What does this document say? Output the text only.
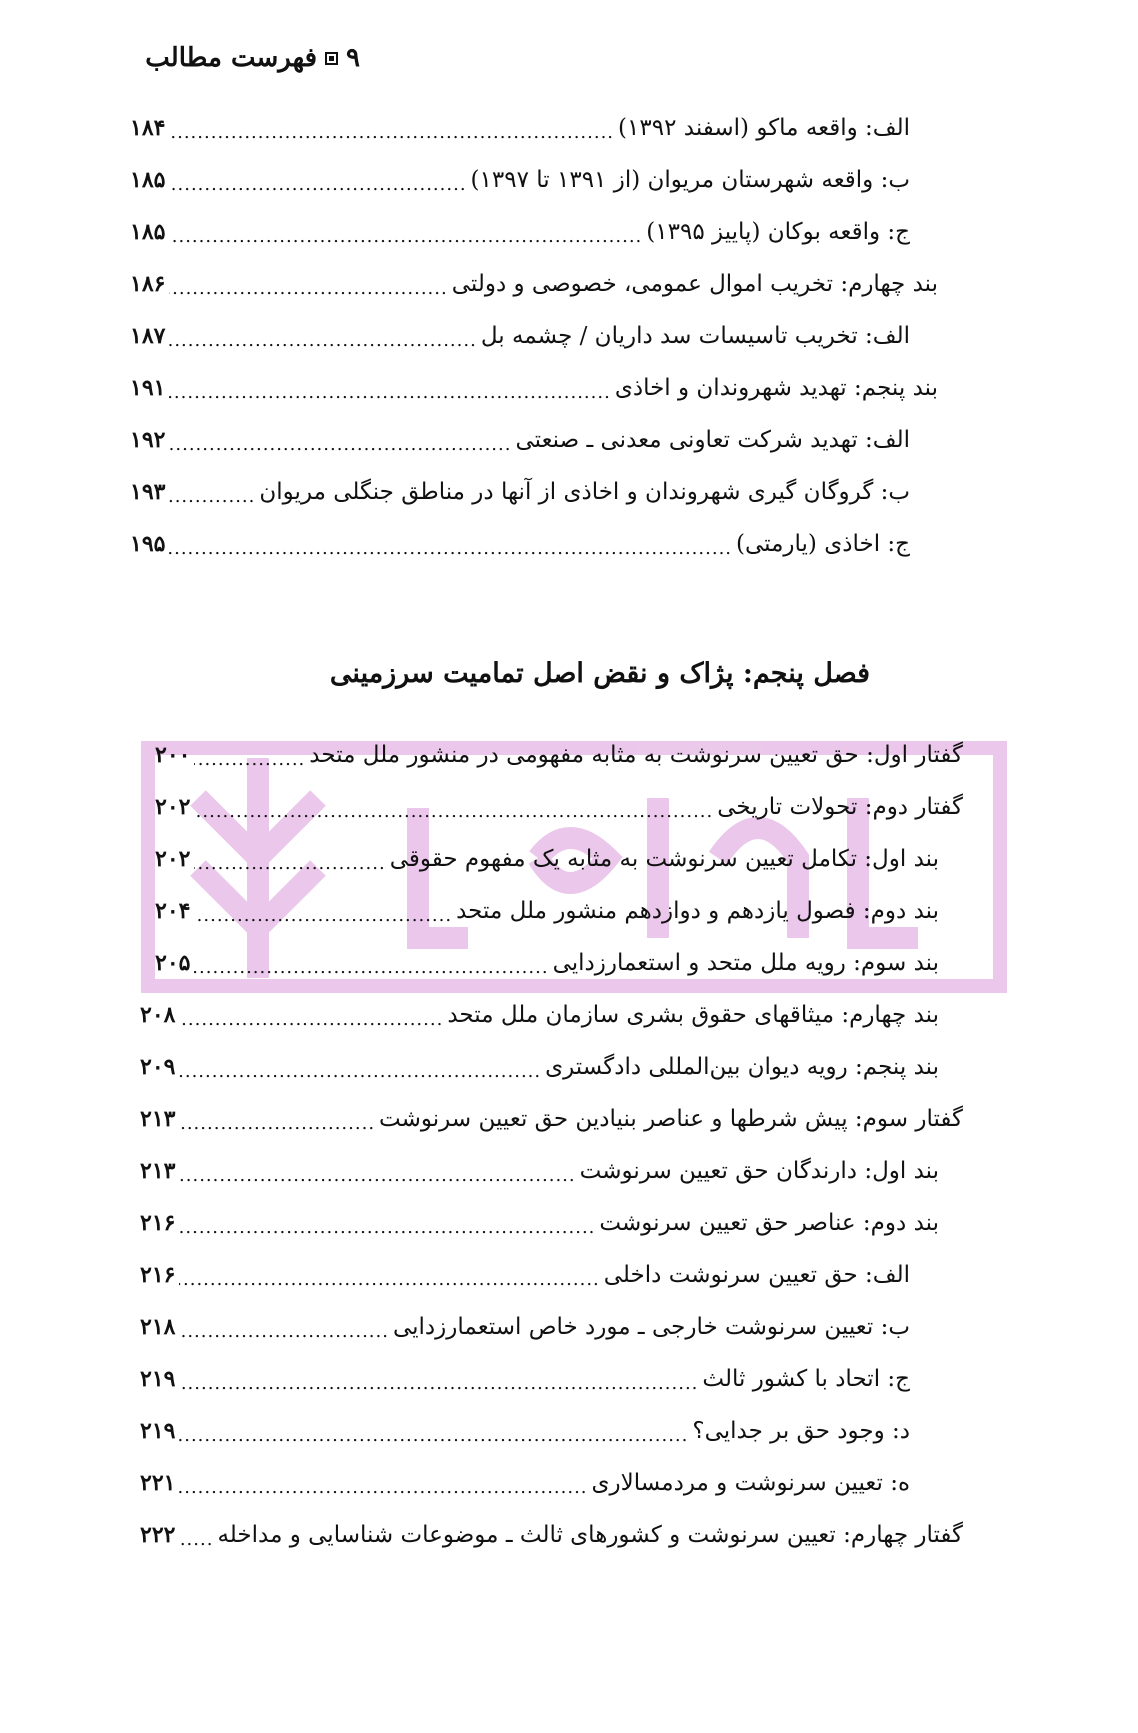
۹
فهرست مطالب
الف: واقعه ماکو (اسفند ۱۳۹۲)
.....
۱۸۴
ب: واقعه شهرستان مریوان (از ۱۳۹۱ تا ۱۳۹۷)
.....
۱۸۵
ج: واقعه بوکان (پاییز ۱۳۹۵)
.....
۱۸۵
بند چهارم: تخریب اموال عمومی، خصوصی و دولتی
.....
۱۸۶
الف: تخریب تاسیسات سد داریان / چشمه بل
.....
۱۸۷
بند پنجم: تهدید شهروندان و اخاذی
.....
۱۹۱
الف: تهدید شرکت تعاونی معدنی ـ صنعتی
.....
۱۹۲
ب: گروگان گیری شهروندان و اخاذی از آنها در مناطق جنگلی مریوان
.....
۱۹۳
ج: اخاذی (یارمتی)
.....
۱۹۵
فصل پنجم: پژاک و نقض اصل تمامیت سرزمینی
گفتار اول: حق تعیین سرنوشت به مثابه مفهومی در منشور ملل متحد
.....
۲۰۰
گفتار دوم: تحولات تاریخی
.....
۲۰۲
بند اول: تکامل تعیین سرنوشت به مثابه یک مفهوم حقوقی
.....
۲۰۲
بند دوم: فصول یازدهم و دوازدهم منشور ملل متحد
.....
۲۰۴
بند سوم: رویه ملل متحد و استعمارزدایی
.....
۲۰۵
بند چهارم: میثاقهای حقوق بشری سازمان ملل متحد
.....
۲۰۸
بند پنجم: رویه دیوان بین‌المللی دادگستری
.....
۲۰۹
گفتار سوم: پیش شرطها و عناصر بنیادین حق تعیین سرنوشت
.....
۲۱۳
بند اول: دارندگان حق تعیین سرنوشت
.....
۲۱۳
بند دوم: عناصر حق تعیین سرنوشت
.....
۲۱۶
الف: حق تعیین سرنوشت داخلی
.....
۲۱۶
ب: تعیین سرنوشت خارجی ـ مورد خاص استعمارزدایی
.....
۲۱۸
ج: اتحاد با کشور ثالث
.....
۲۱۹
د: وجود حق بر جدایی؟
.....
۲۱۹
ه: تعیین سرنوشت و مردمسالاری
.....
۲۲۱
گفتار چهارم: تعیین سرنوشت و کشورهای ثالث ـ موضوعات شناسایی و مداخله
.....
۲۲۲
